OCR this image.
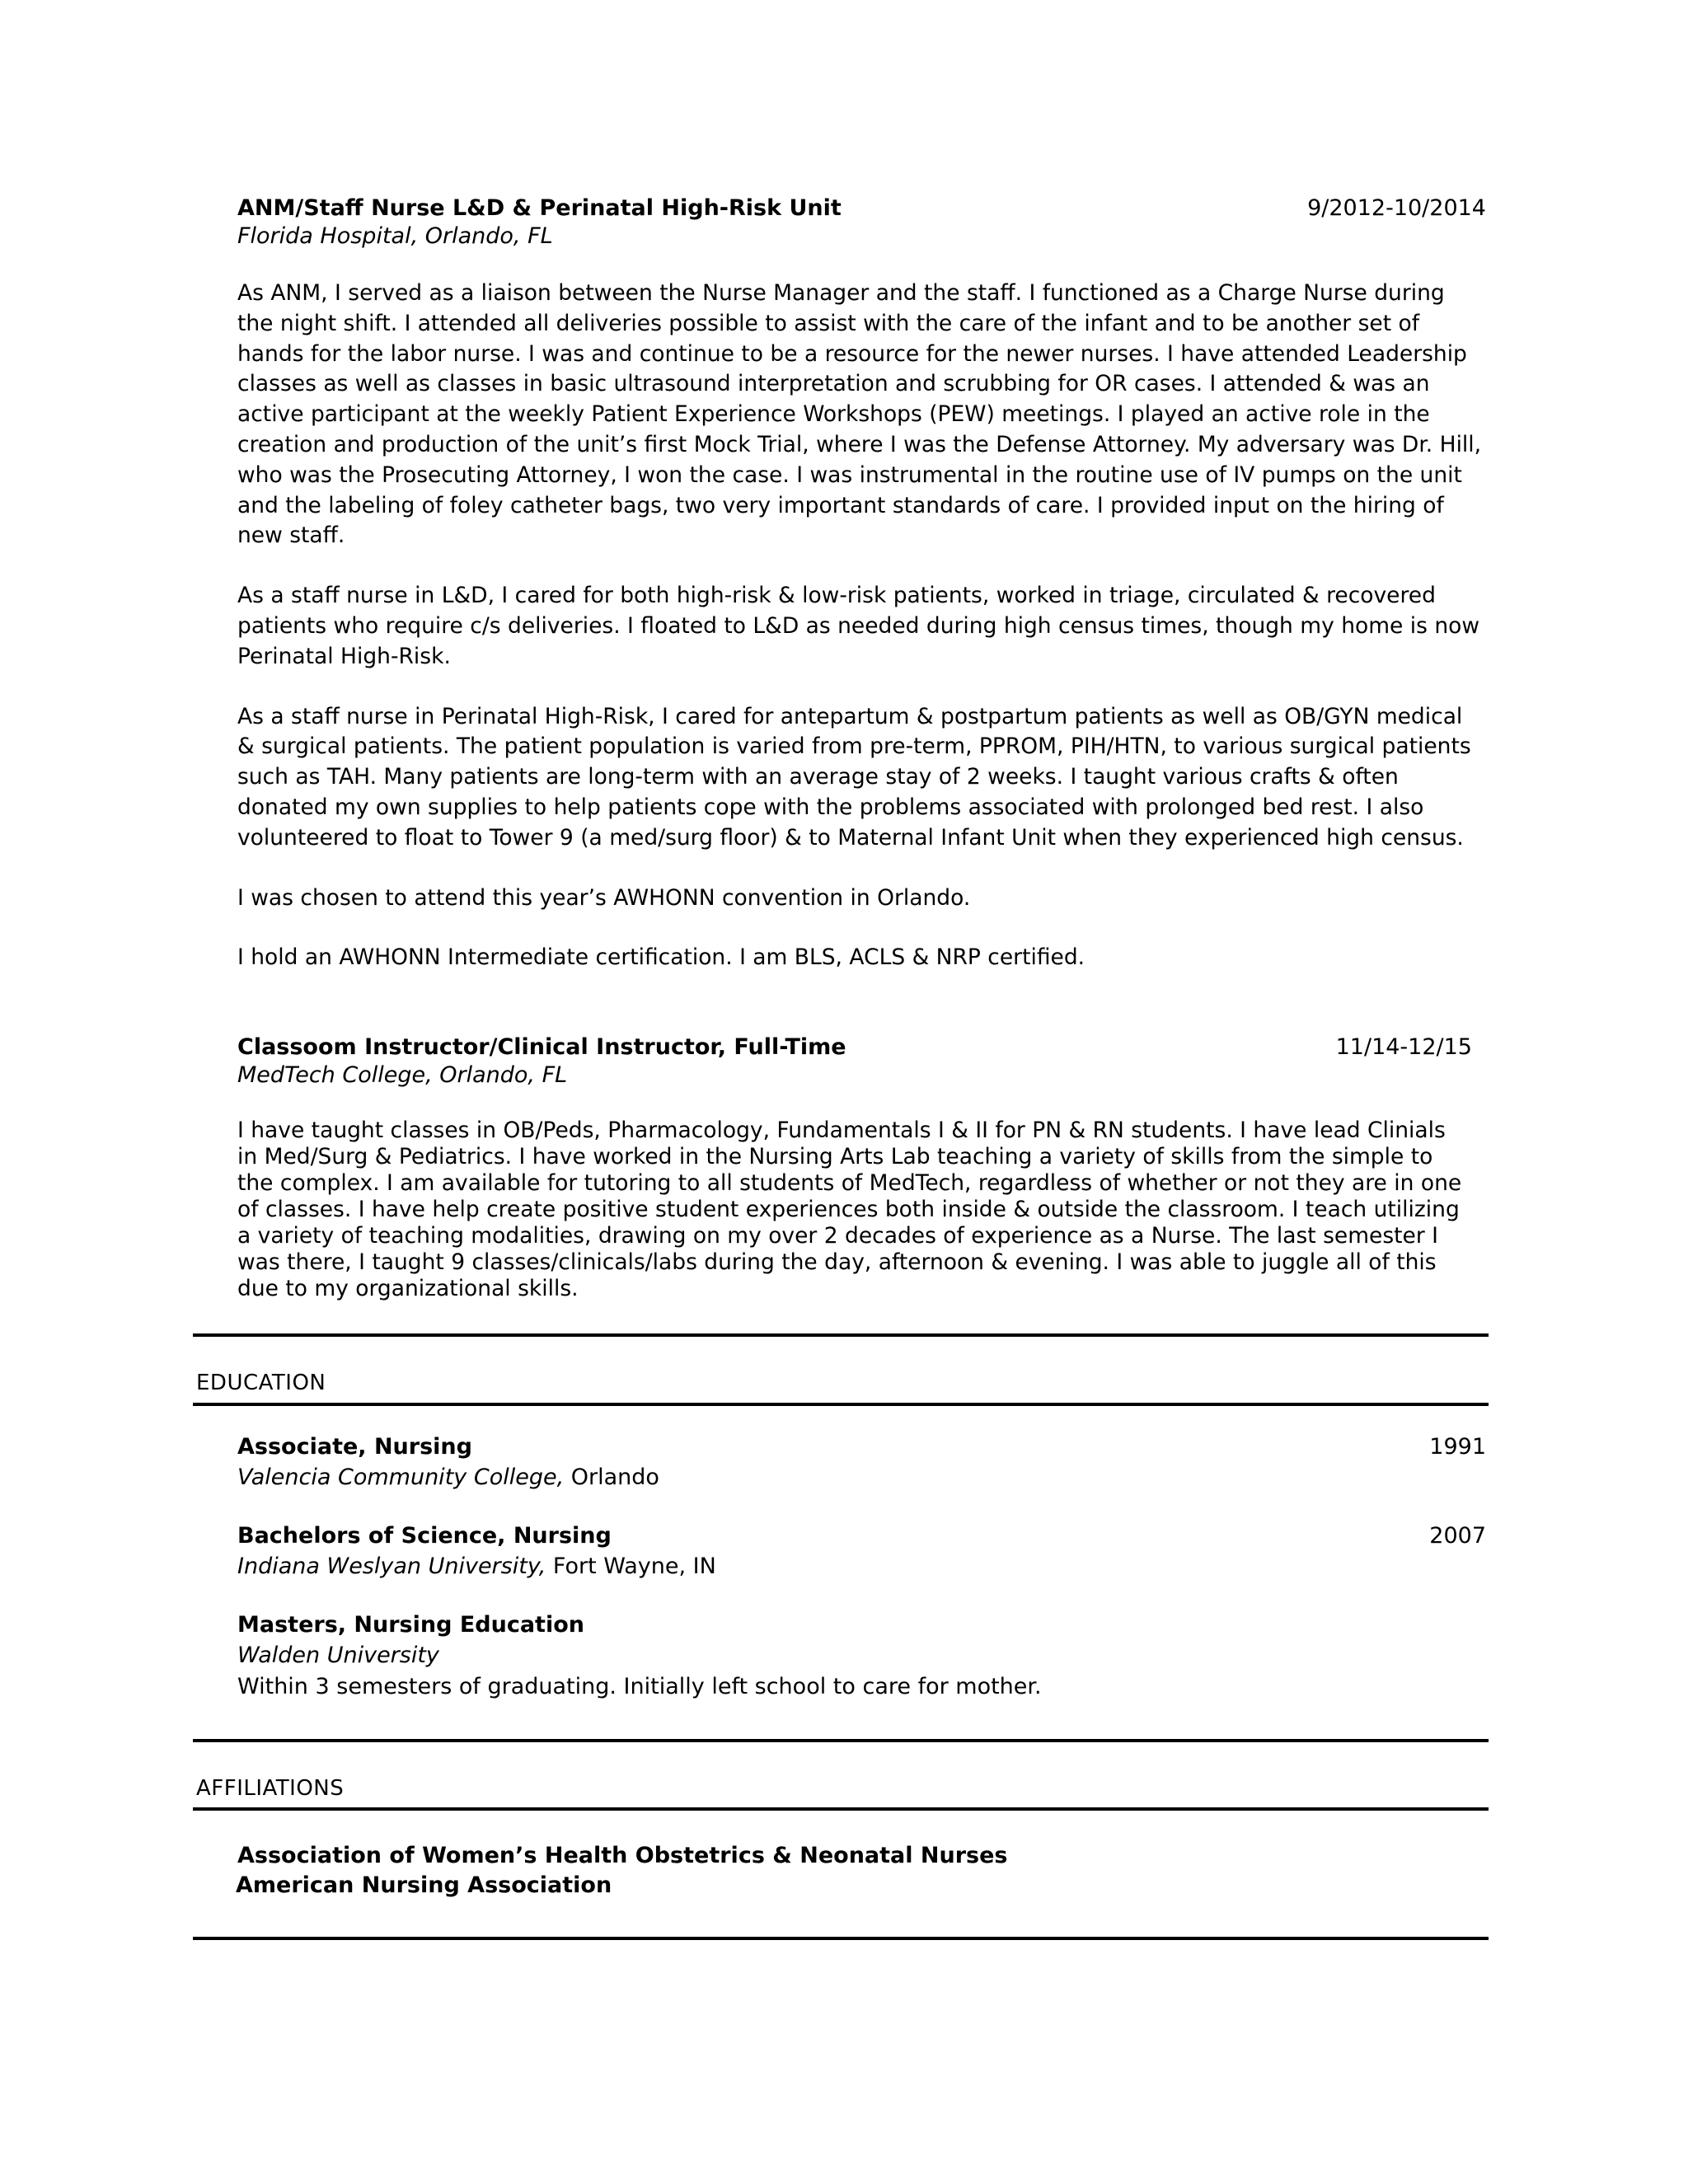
ANM/Staff Nurse L&D & Perinatal High-Risk Unit	9/2012-10/2014
Florida Hospital, Orlando, FL

As ANM, I served as a liaison between the Nurse Manager and the staff. I functioned as a Charge Nurse during the night shift. I attended all deliveries possible to assist with the care of the infant and to be another set of hands for the labor nurse. I was and continue to be a resource for the newer nurses. I have attended Leadership classes as well as classes in basic ultrasound interpretation and scrubbing for OR cases. I attended & was an active participant at the weekly Patient Experience Workshops (PEW) meetings. I played an active role in the creation and production of the unit’s first Mock Trial, where I was the Defense Attorney. My adversary was Dr. Hill, who was the Prosecuting Attorney, I won the case. I was instrumental in the routine use of IV pumps on the unit and the labeling of foley catheter bags, two very important standards of care. I provided input on the hiring of new staff.

As a staff nurse in L&D, I cared for both high-risk & low-risk patients, worked in triage, circulated & recovered patients who require c/s deliveries. I floated to L&D as needed during high census times, though my home is now Perinatal High-Risk.

As a staff nurse in Perinatal High-Risk, I cared for antepartum & postpartum patients as well as OB/GYN medical & surgical patients. The patient population is varied from pre-term, PPROM, PIH/HTN, to various surgical patients such as TAH. Many patients are long-term with an average stay of 2 weeks. I taught various crafts & often donated my own supplies to help patients cope with the problems associated with prolonged bed rest. I also volunteered to float to Tower 9 (a med/surg floor) & to Maternal Infant Unit when they experienced high census.

I was chosen to attend this year’s AWHONN convention in Orlando.

I hold an AWHONN Intermediate certification. I am BLS, ACLS & NRP certified.

Classoom Instructor/Clinical Instructor, Full-Time	11/14-12/15
MedTech College, Orlando, FL

I have taught classes in OB/Peds, Pharmacology, Fundamentals I & II for PN & RN students. I have lead Clinials in Med/Surg & Pediatrics. I have worked in the Nursing Arts Lab teaching a variety of skills from the simple to the complex. I am available for tutoring to all students of MedTech, regardless of whether or not they are in one of classes. I have help create positive student experiences both inside & outside the classroom. I teach utilizing a variety of teaching modalities, drawing on my over 2 decades of experience as a Nurse. The last semester I was there, I taught 9 classes/clinicals/labs during the day, afternoon & evening. I was able to juggle all of this due to my organizational skills.

EDUCATION
Associate, Nursing	1991
Valencia Community College, Orlando
Bachelors of Science, Nursing	2007
Indiana Weslyan University, Fort Wayne, IN
Masters, Nursing Education
Walden University
Within 3 semesters of graduating. Initially left school to care for mother.
AFFILIATIONS
Association of Women’s Health Obstetrics & Neonatal Nurses
American Nursing Association
